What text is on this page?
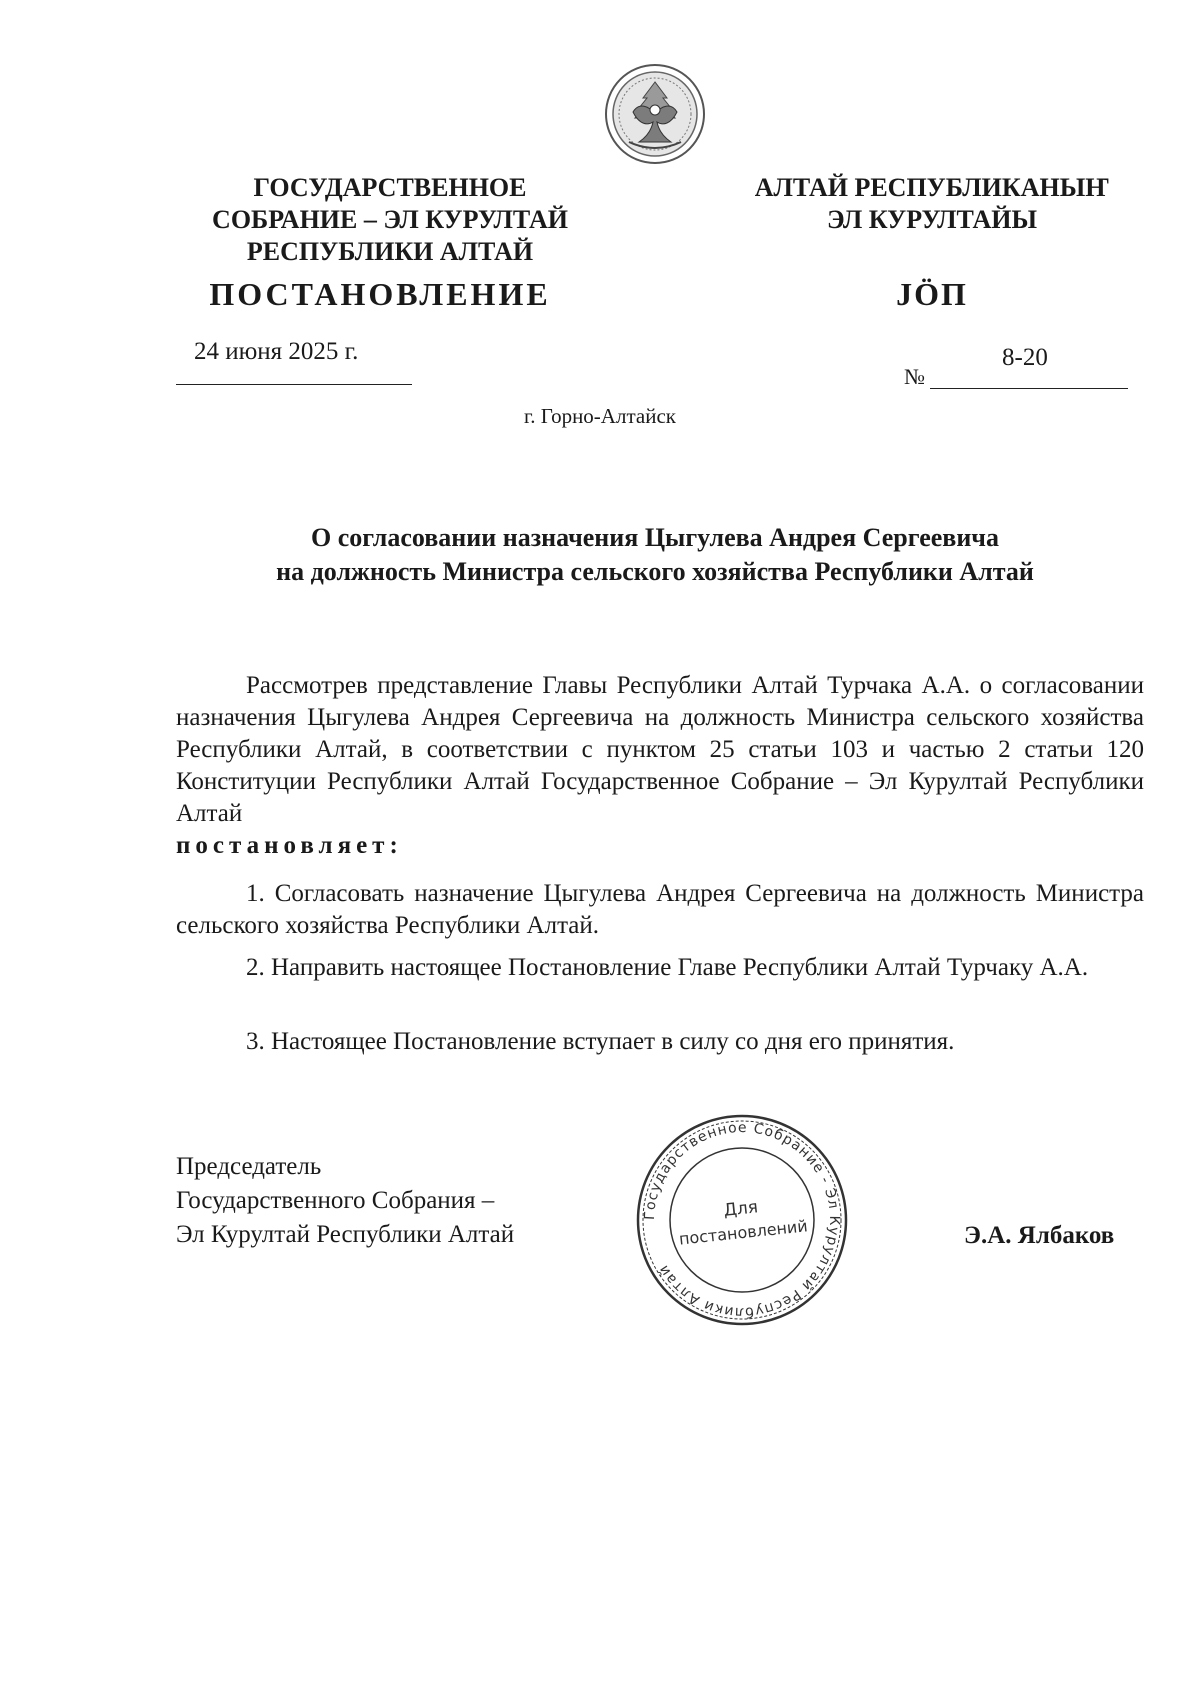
ГОСУДАРСТВЕННОЕ
СОБРАНИЕ – ЭЛ КУРУЛТАЙ
РЕСПУБЛИКИ АЛТАЙ
АЛТАЙ РЕСПУБЛИКАНЫҤ
ЭЛ КУРУЛТАЙЫ
ПОСТАНОВЛЕНИЕ	JӦП
24 июня 2025 г.	8-20
№
г. Горно-Алтайск
О согласовании назначения Цыгулева Андрея Сергеевича
на должность Министра сельского хозяйства Республики Алтай
Рассмотрев представление Главы Республики Алтай Турчака А.А. о согласовании назначения Цыгулева Андрея Сергеевича на должность Министра сельского хозяйства Республики Алтай, в соответствии с пунктом 25 статьи 103 и частью 2 статьи 120 Конституции Республики Алтай Государственное Собрание – Эл Курултай Республики Алтай
постановляет:
1. Согласовать назначение Цыгулева Андрея Сергеевича на должность Министра сельского хозяйства Республики Алтай.
2. Направить настоящее Постановление Главе Республики Алтай Турчаку А.А.
3. Настоящее Постановление вступает в силу со дня его принятия.
Председатель
Государственного Собрания –
Эл Курултай Республики Алтай
Государственное Собрание - Эл Курултай Республики Алтай
Для
постановлений	Э.А. Ялбаков
